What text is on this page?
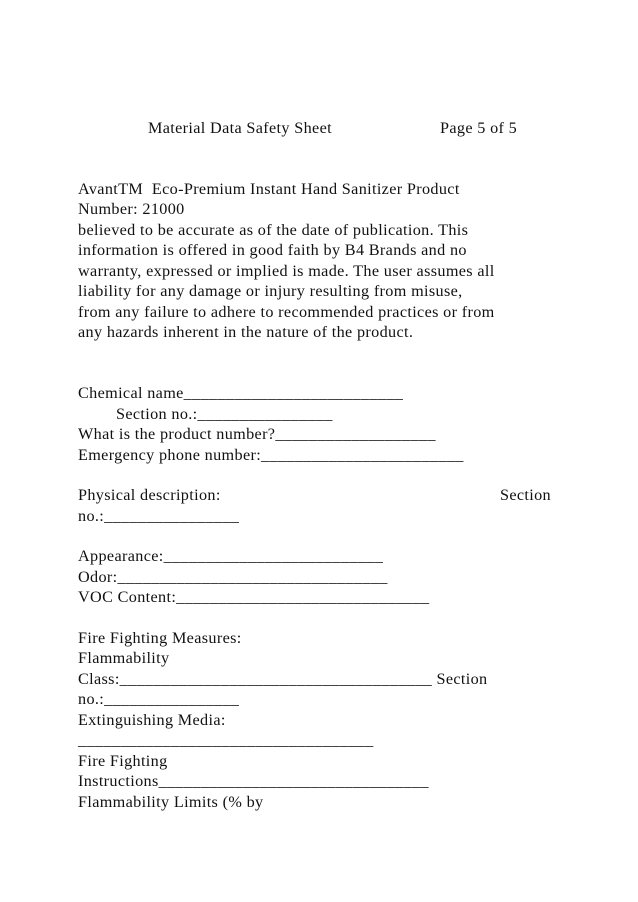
Material Data Safety Sheet	Page 5 of 5
AvantTM  Eco-Premium Instant Hand Sanitizer Product
Number: 21000
believed to be accurate as of the date of publication. This
information is offered in good faith by B4 Brands and no
warranty, expressed or implied is made. The user assumes all
liability for any damage or injury resulting from misuse,
from any failure to adhere to recommended practices or from
any hazards inherent in the nature of the product.
Chemical name__________________________
Section no.:________________
What is the product number?___________________
Emergency phone number:________________________
Physical description:	Section
no.:________________
Appearance:__________________________
Odor:________________________________
VOC Content:______________________________
Fire Fighting Measures:
Flammability
Class:_____________________________________ Section
no.:________________
Extinguishing Media:
___________________________________
Fire Fighting
Instructions________________________________
Flammability Limits (% by
